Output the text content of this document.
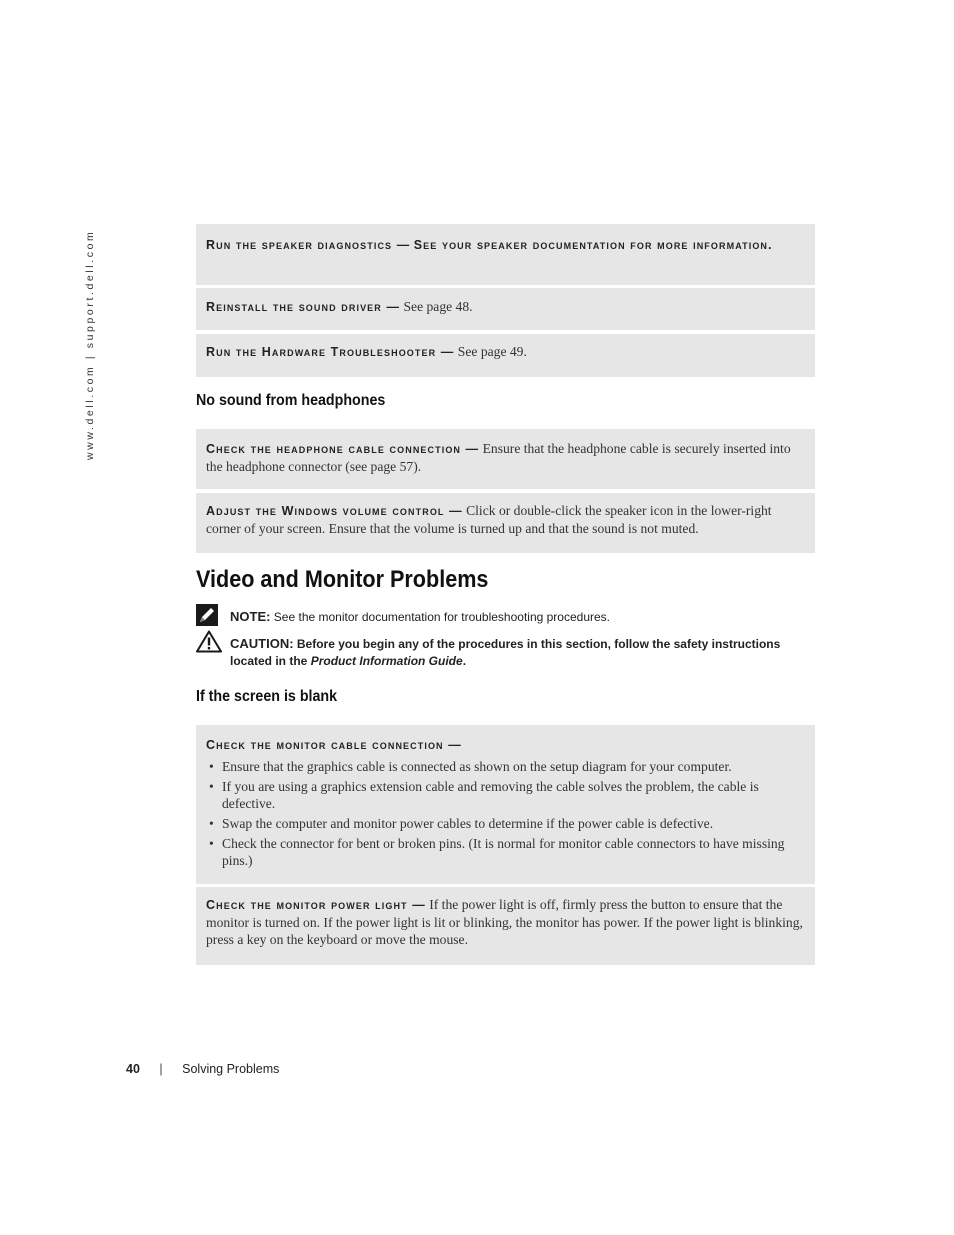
www.dell.com | support.dell.com	Run the speaker diagnostics — See your speaker documentation for more information.
Reinstall the sound driver — See page 48.
Run the Hardware Troubleshooter — See page 49.
No sound from headphones
Check the headphone cable connection — Ensure that the headphone cable is securely inserted into the headphone connector (see page 57).
Adjust the Windows volume control — Click or double-click the speaker icon in the lower-right corner of your screen. Ensure that the volume is turned up and that the sound is not muted.
Video and Monitor Problems
NOTE: See the monitor documentation for troubleshooting procedures.
CAUTION: Before you begin any of the procedures in this section, follow the safety instructions located in the Product Information Guide.
If the screen is blank
Check the monitor cable connection —
• Ensure that the graphics cable is connected as shown on the setup diagram for your computer.
• If you are using a graphics extension cable and removing the cable solves the problem, the cable is defective.
• Swap the computer and monitor power cables to determine if the power cable is defective.
• Check the connector for bent or broken pins. (It is normal for monitor cable connectors to have missing pins.)
Check the monitor power light — If the power light is off, firmly press the button to ensure that the monitor is turned on. If the power light is lit or blinking, the monitor has power. If the power light is blinking, press a key on the keyboard or move the mouse.
40 | Solving Problems
